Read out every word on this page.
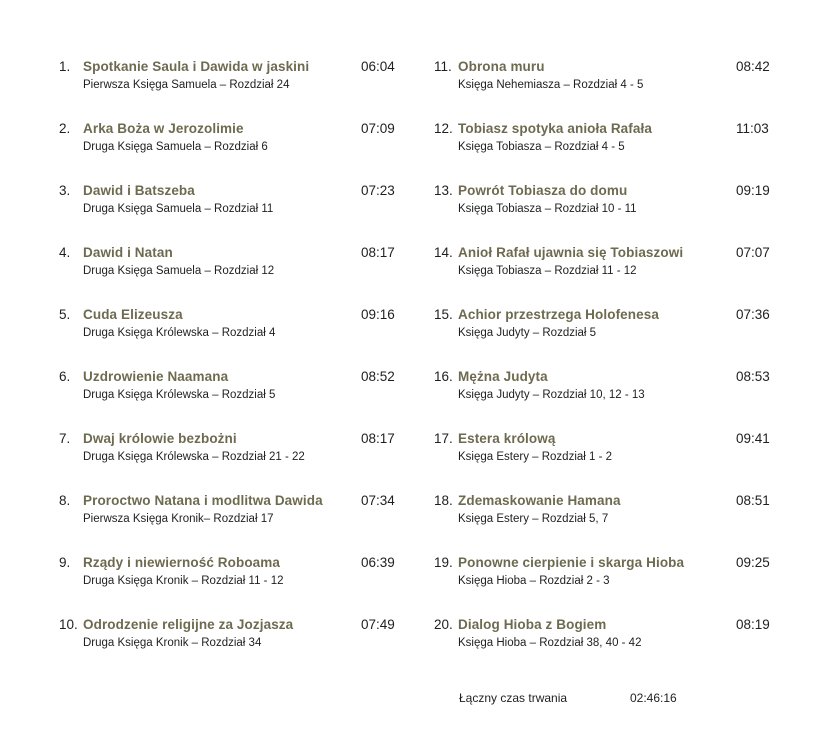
1. Spotkanie Saula i Dawida w jaskini
Pierwsza Księga Samuela – Rozdział 24
06:04
2. Arka Boża w Jerozolimie
Druga Księga Samuela – Rozdział 6
07:09
3. Dawid i Batszeba
Druga Księga Samuela – Rozdział 11
07:23
4. Dawid i Natan
Druga Księga Samuela – Rozdział 12
08:17
5. Cuda Elizeusza
Druga Księga Królewska – Rozdział 4
09:16
6. Uzdrowienie Naamana
Druga Księga Królewska – Rozdział 5
08:52
7. Dwaj królowie bezbożni
Druga Księga Królewska – Rozdział 21 - 22
08:17
8. Proroctwo Natana i modlitwa Dawida
Pierwsza Księga Kronik– Rozdział 17
07:34
9. Rządy i niewierność Roboama
Druga Księga Kronik – Rozdział 11 - 12
06:39
10. Odrodzenie religijne za Jozjasza
Druga Księga Kronik – Rozdział 34
07:49
11. Obrona muru
Księga Nehemiasza – Rozdział 4 - 5
08:42
12. Tobiasz spotyka anioła Rafała
Księga Tobiasza – Rozdział 4 - 5
11:03
13. Powrót Tobiasza do domu
Księga Tobiasza – Rozdział 10 - 11
09:19
14. Anioł Rafał ujawnia się Tobiaszowi
Księga Tobiasza – Rozdział 11 - 12
07:07
15. Achior przestrzega Holofenesa
Księga Judyty – Rozdział 5
07:36
16. Mężna Judyta
Księga Judyty – Rozdział 10, 12 - 13
08:53
17. Estera królową
Księga Estery – Rozdział 1 - 2
09:41
18. Zdemaskowanie Hamana
Księga Estery – Rozdział 5, 7
08:51
19. Ponowne cierpienie i skarga Hioba
Księga Hioba – Rozdział 2 - 3
09:25
20. Dialog Hioba z Bogiem
Księga Hioba – Rozdział 38, 40 - 42
08:19
Łączny czas trwania	02:46:16
